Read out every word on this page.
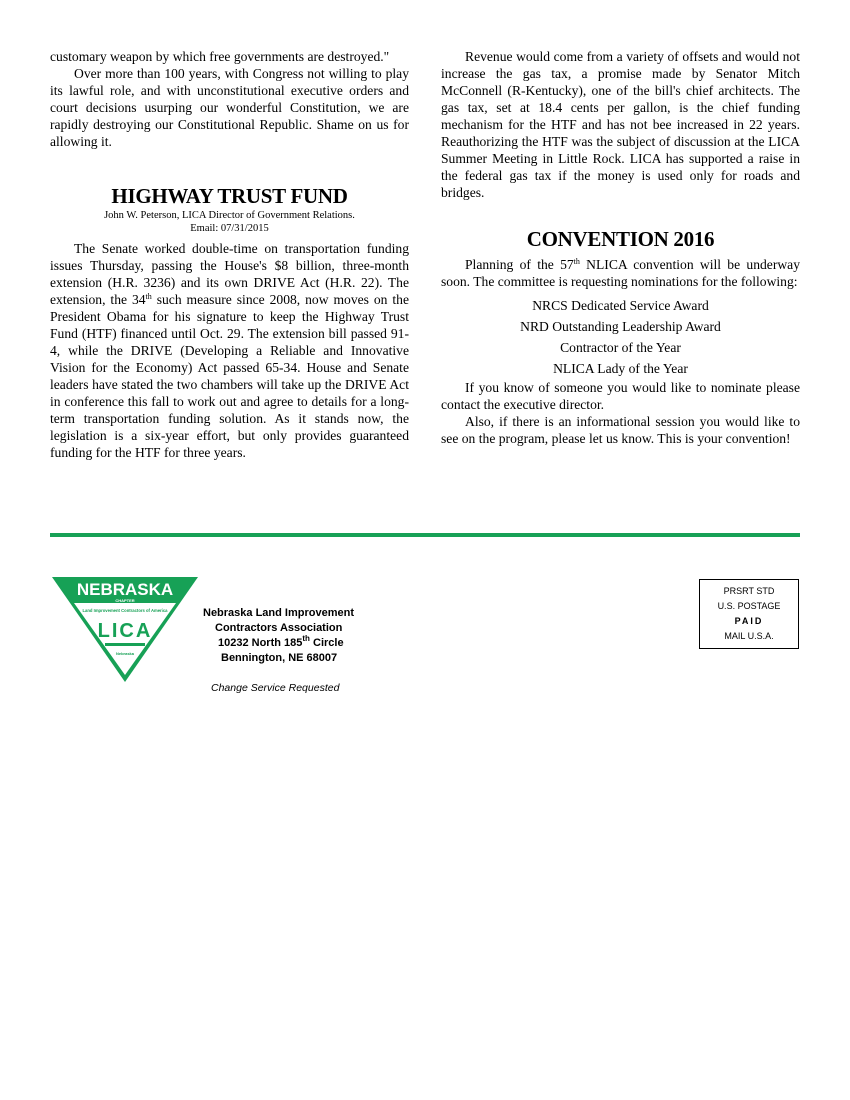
customary weapon by which free governments are destroyed."

Over more than 100 years, with Congress not willing to play its lawful role, and with unconstitutional executive orders and court decisions usurping our wonderful Constitution, we are rapidly destroying our Constitutional Republic. Shame on us for allowing it.

HIGHWAY TRUST FUND

John W. Peterson, LICA Director of Government Relations.

Email: 07/31/2015

The Senate worked double-time on transportation funding issues Thursday, passing the House's $8 billion, three-month extension (H.R. 3236) and its own DRIVE Act (H.R. 22). The extension, the 34th such measure since 2008, now moves on the President Obama for his signature to keep the Highway Trust Fund (HTF) financed until Oct. 29. The extension bill passed 91-4, while the DRIVE (Developing a Reliable and Innovative Vision for the Economy) Act passed 65-34. House and Senate leaders have stated the two chambers will take up the DRIVE Act in conference this fall to work out and agree to details for a long-term transportation funding solution. As it stands now, the legislation is a six-year effort, but only provides guaranteed funding for the HTF for three years.

Revenue would come from a variety of offsets and would not increase the gas tax, a promise made by Senator Mitch McConnell (R-Kentucky), one of the bill's chief architects. The gas tax, set at 18.4 cents per gallon, is the chief funding mechanism for the HTF and has not bee increased in 22 years. Reauthorizing the HTF was the subject of discussion at the LICA Summer Meeting in Little Rock. LICA has supported a raise in the federal gas tax if the money is used only for roads and bridges.

CONVENTION 2016

Planning of the 57th NLICA convention will be underway soon. The committee is requesting nominations for the following:

NRCS Dedicated Service Award

NRD Outstanding Leadership Award

Contractor of the Year

NLICA Lady of the Year

If you know of someone you would like to nominate please contact the executive director.

Also, if there is an informational session you would like to see on the program, please let us know. This is your convention!

NEBRASKA
CHAPTER
Land Improvement Contractors of America
LICA
Nebraska
Nebraska Land Improvement
Contractors Association
10232 North 185th Circle
Bennington, NE 68007
Change Service Requested
PRSRT STD
U.S. POSTAGE
PAID
MAIL U.S.A.
